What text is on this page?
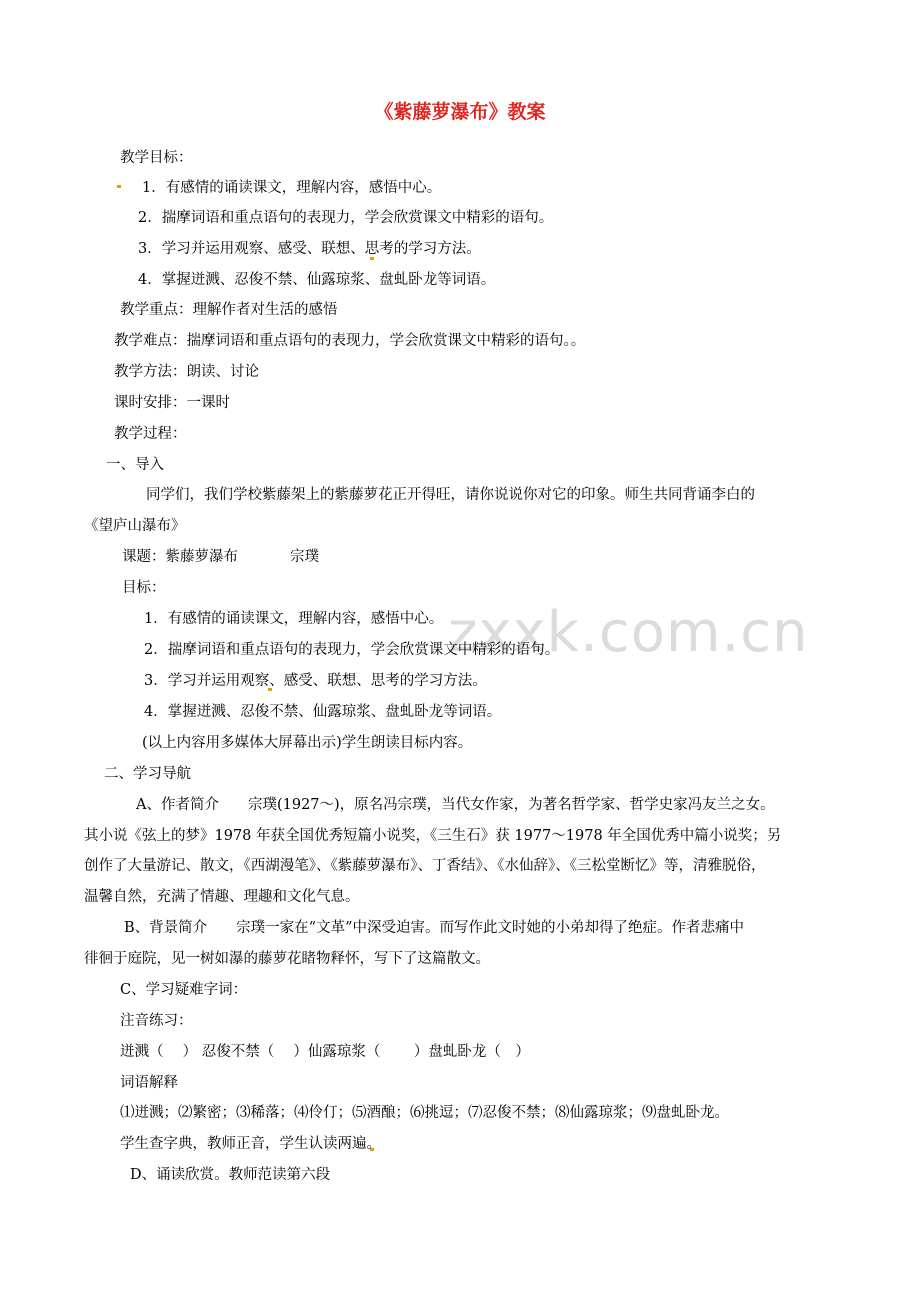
《紫藤萝瀑布》教案
教学目标：
1．有感情的诵读课文，理解内容，感悟中心。
2．揣摩词语和重点语句的表现力，学会欣赏课文中精彩的语句。
3．学习并运用观察、感受、联想、思考的学习方法。
4．掌握迸溅、忍俊不禁、仙露琼浆、盘虬卧龙等词语。
教学重点：理解作者对生活的感悟
教学难点：揣摩词语和重点语句的表现力，学会欣赏课文中精彩的语句。。
教学方法：朗读、讨论
课时安排：一课时
教学过程：
一、导入
同学们，我们学校紫藤架上的紫藤萝花正开得旺，请你说说你对它的印象。师生共同背诵李白的
《望庐山瀑布》
课题：紫藤萝瀑布	宗璞
目标：
zxxk.com.cn
1．有感情的诵读课文，理解内容，感悟中心。
2．揣摩词语和重点语句的表现力，学会欣赏课文中精彩的语句。
3．学习并运用观察、感受、联想、思考的学习方法。
4．掌握迸溅、忍俊不禁、仙露琼浆、盘虬卧龙等词语。
(以上内容用多媒体大屏幕出示)学生朗读目标内容。
二、学习导航
A、作者简介　　宗璞(1927～)，原名冯宗璞，当代女作家，为著名哲学家、哲学史家冯友兰之女。
其小说《弦上的梦》1978 年获全国优秀短篇小说奖，《三生石》获 1977～1978 年全国优秀中篇小说奖；另
创作了大量游记、散文，《西湖漫笔》、《紫藤萝瀑布》、丁香结》、《水仙辞》、《三松堂断忆》等，清雅脱俗，
温馨自然，充满了情趣、理趣和文化气息。
B、背景简介　　宗璞一家在“文革”中深受迫害。而写作此文时她的小弟却得了绝症。作者悲痛中
徘徊于庭院，见一树如瀑的藤萝花睹物释怀，写下了这篇散文。
C、学习疑难字词：
注音练习：
迸溅（　 ） 忍俊不禁（　 ）仙露琼浆（　　 ）盘虬卧龙（　）
词语解释
⑴迸溅；⑵繁密；⑶稀落；⑷伶仃；⑸酒酿；⑹挑逗；⑺忍俊不禁；⑻仙露琼浆；⑼盘虬卧龙。
学生查字典，教师正音，学生认读两遍。
D、诵读欣赏。教师范读第六段
